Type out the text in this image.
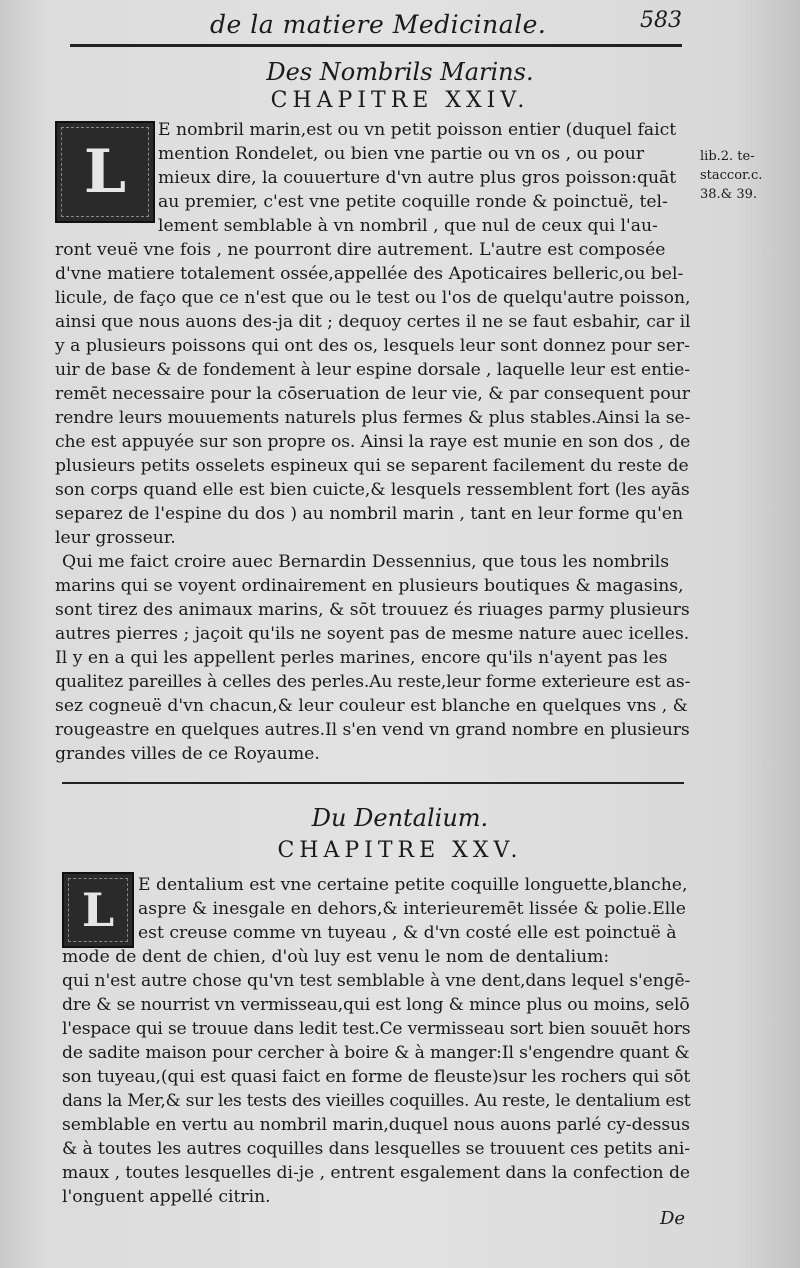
de la matiere Medicinale.	583
Des Nombrils Marins.
CHAPITRE XXIV.
L
E nombril marin,est ou vn petit poisson entier (duquel faict
mention Rondelet, ou bien vne partie ou vn os , ou pour
mieux dire, la couuerture d'vn autre plus gros poisson:quāt
au premier, c'est vne petite coquille ronde & poinctuë, tel-
lement semblable à vn nombril , que nul de ceux qui l'au-
ront veuë vne fois , ne pourront dire autrement. L'autre est composée
d'vne matiere totalement ossée,appellée des Apoticaires belleric,ou bel-
licule, de faço que ce n'est que ou le test ou l'os de quelqu'autre poisson,
ainsi que nous auons des-ja dit ; dequoy certes il ne se faut esbahir, car il
y a plusieurs poissons qui ont des os, lesquels leur sont donnez pour ser-
uir de base & de fondement à leur espine dorsale , laquelle leur est entie-
remēt necessaire pour la cōseruation de leur vie, & par consequent pour
rendre leurs mouuements naturels plus fermes & plus stables.Ainsi la se-
che est appuyée sur son propre os. Ainsi la raye est munie en son dos , de
plusieurs petits osselets espineux qui se separent facilement du reste de
son corps quand elle est bien cuicte,& lesquels ressemblent fort (les ayās
separez de l'espine du dos ) au nombril marin , tant en leur forme qu'en
leur grosseur.
Qui me faict croire auec Bernardin Dessennius, que tous les nombrils
marins qui se voyent ordinairement en plusieurs boutiques & magasins,
sont tirez des animaux marins, & sōt trouuez és riuages parmy plusieurs
autres pierres ; jaçoit qu'ils ne soyent pas de mesme nature auec icelles.
Il y en a qui les appellent perles marines, encore qu'ils n'ayent pas les
qualitez pareilles à celles des perles.Au reste,leur forme exterieure est as-
sez cogneuë d'vn chacun,& leur couleur est blanche en quelques vns , &
rougeastre en quelques autres.Il s'en vend vn grand nombre en plusieurs
grandes villes de ce Royaume.
lib.2. te-
staccor.c.
38.& 39.
Du Dentalium.
CHAPITRE XXV.
L	E dentalium est vne certaine petite coquille longuette,blanche,
aspre & inesgale en dehors,& interieuremēt lissée & polie.Elle
est creuse comme vn tuyeau , & d'vn costé elle est poinctuë à
mode de dent de chien, d'où luy est venu le nom de dentalium:
qui n'est autre chose qu'vn test semblable à vne dent,dans lequel s'engē-
dre & se nourrist vn vermisseau,qui est long & mince plus ou moins, selō
l'espace qui se trouue dans ledit test.Ce vermisseau sort bien souuēt hors
de sadite maison pour cercher à boire & à manger:Il s'engendre quant &
son tuyeau,(qui est quasi faict en forme de fleuste)sur les rochers qui sōt
dans la Mer,& sur les tests des vieilles coquilles. Au reste, le dentalium est
semblable en vertu au nombril marin,duquel nous auons parlé cy-dessus
& à toutes les autres coquilles dans lesquelles se trouuent ces petits ani-
maux , toutes lesquelles di-je , entrent esgalement dans la confection de
l'onguent appellé citrin.
De
